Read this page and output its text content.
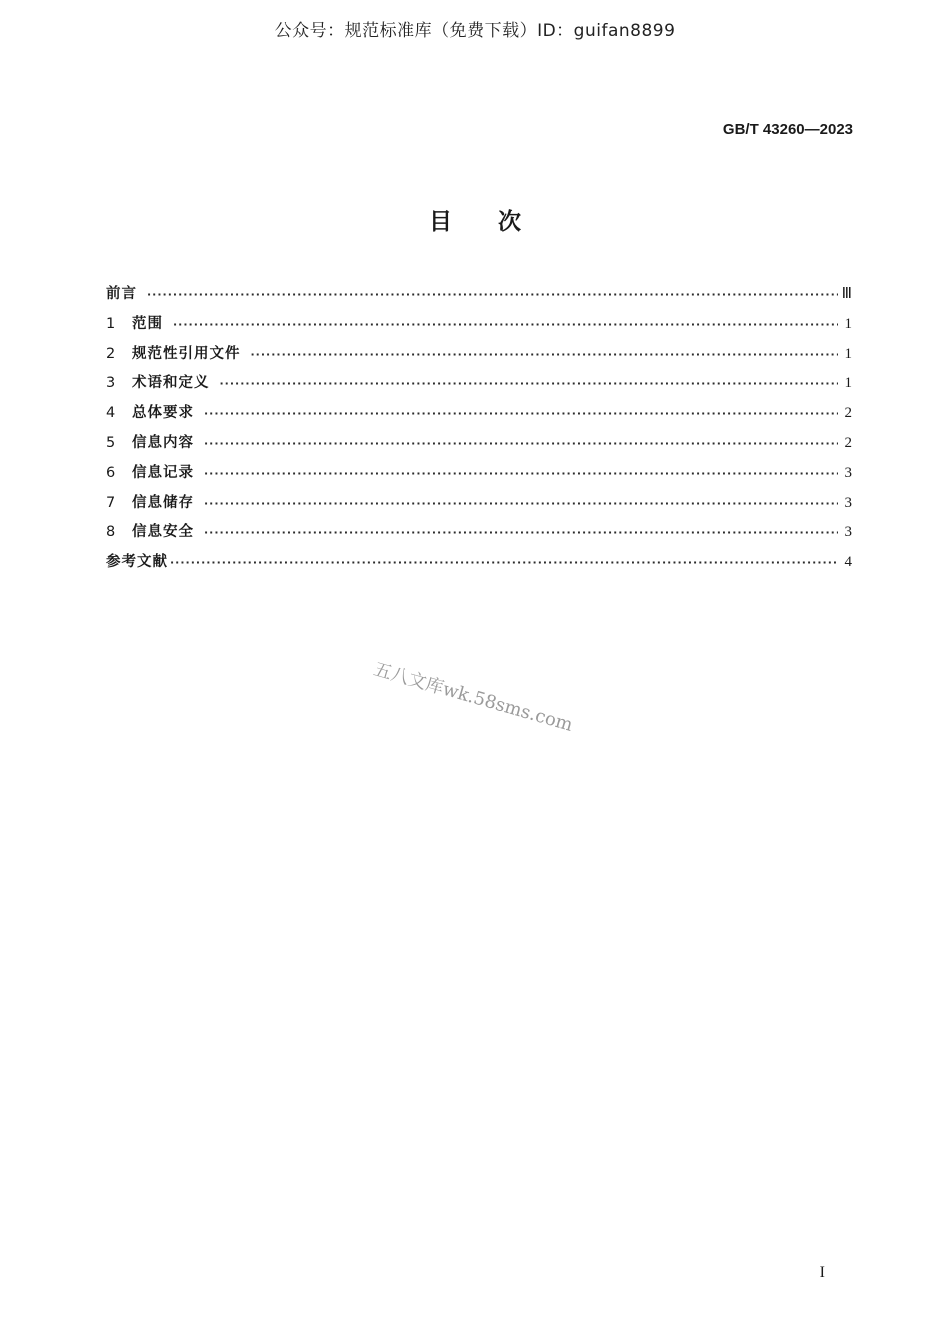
公众号：规范标准库（免费下载）ID：guifan8899
GB/T 43260—2023
目次
前言 ·····	Ⅲ
1	范围 ·····	1
2	规范性引用文件 ·····	1
3	术语和定义 ·····	1
4	总体要求 ·····	2
5	信息内容 ·····	2
6	信息记录 ·····	3
7	信息储存 ·····	3
8	信息安全 ·····	3
参考文献 ·····	4
五八文库wk.58sms.com
I
